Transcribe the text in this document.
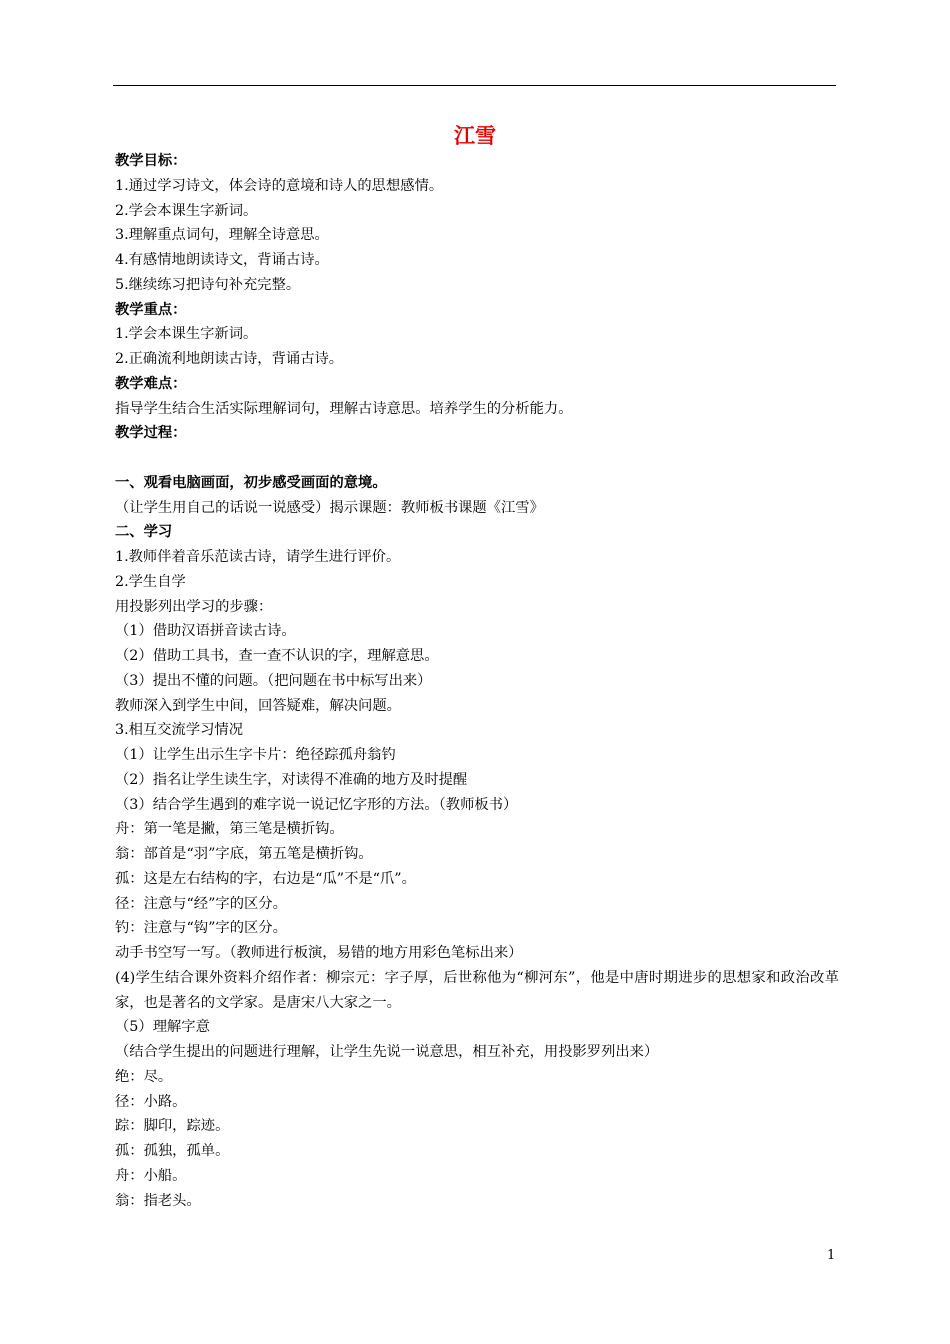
江雪
教学目标：
1.通过学习诗文，体会诗的意境和诗人的思想感情。
2.学会本课生字新词。
3.理解重点词句，理解全诗意思。
4.有感情地朗读诗文，背诵古诗。
5.继续练习把诗句补充完整。
教学重点：
1.学会本课生字新词。
2.正确流利地朗读古诗，背诵古诗。
教学难点：
指导学生结合生活实际理解词句，理解古诗意思。培养学生的分析能力。
教学过程：
一、观看电脑画面，初步感受画面的意境。
（让学生用自己的话说一说感受）揭示课题：教师板书课题《江雪》
二、学习
1.教师伴着音乐范读古诗，请学生进行评价。
2.学生自学
用投影列出学习的步骤：
（1）借助汉语拼音读古诗。
（2）借助工具书，查一查不认识的字，理解意思。
（3）提出不懂的问题。（把问题在书中标写出来）
教师深入到学生中间，回答疑难，解决问题。
3.相互交流学习情况
（1）让学生出示生字卡片：绝径踪孤舟翁钓
（2）指名让学生读生字，对读得不准确的地方及时提醒
（3）结合学生遇到的难字说一说记忆字形的方法。（教师板书）
舟：第一笔是撇，第三笔是横折钩。
翁：部首是“羽”字底，第五笔是横折钩。
孤：这是左右结构的字，右边是“瓜”不是“爪”。
径：注意与“经”字的区分。
钓：注意与“钩”字的区分。
动手书空写一写。（教师进行板演，易错的地方用彩色笔标出来）
(4)学生结合课外资料介绍作者：柳宗元：字子厚，后世称他为“柳河东”，他是中唐时期进步的思想家和政治改革家，也是著名的文学家。是唐宋八大家之一。
（5）理解字意
（结合学生提出的问题进行理解，让学生先说一说意思，相互补充，用投影罗列出来）
绝：尽。
径：小路。
踪：脚印，踪迹。
孤：孤独，孤单。
舟：小船。
翁：指老头。
1
